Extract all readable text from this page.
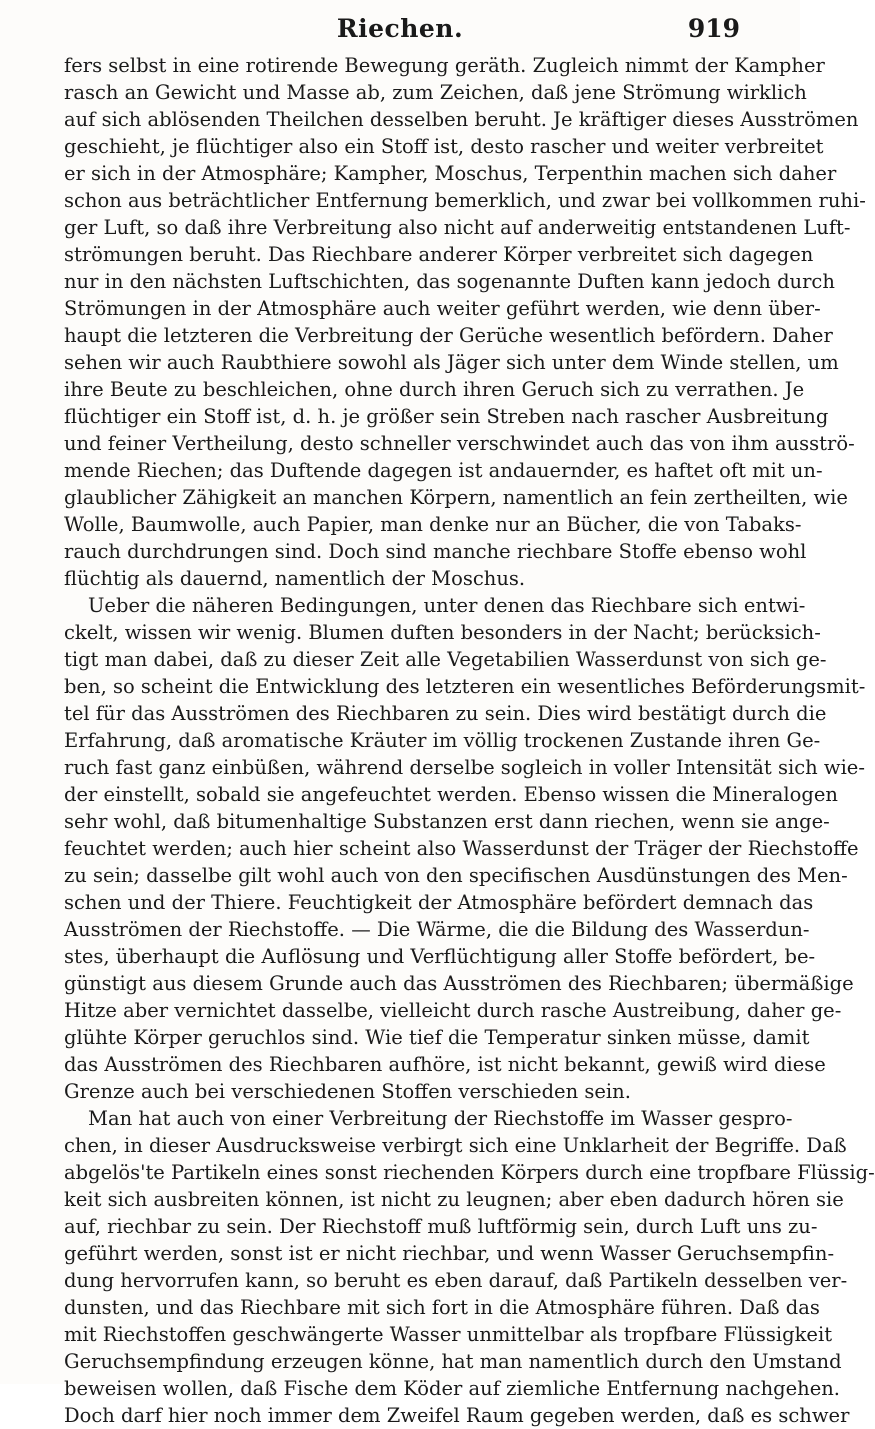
Riechen.	919
fers selbst in eine rotirende Bewegung geräth. Zugleich nimmt der Kampher
rasch an Gewicht und Masse ab, zum Zeichen, daß jene Strömung wirklich
auf sich ablösenden Theilchen desselben beruht. Je kräftiger dieses Ausströmen
geschieht, je flüchtiger also ein Stoff ist, desto rascher und weiter verbreitet
er sich in der Atmosphäre; Kampher, Moschus, Terpenthin machen sich daher
schon aus beträchtlicher Entfernung bemerklich, und zwar bei vollkommen ruhi-
ger Luft, so daß ihre Verbreitung also nicht auf anderweitig entstandenen Luft-
strömungen beruht. Das Riechbare anderer Körper verbreitet sich dagegen
nur in den nächsten Luftschichten, das sogenannte Duften kann jedoch durch
Strömungen in der Atmosphäre auch weiter geführt werden, wie denn über-
haupt die letzteren die Verbreitung der Gerüche wesentlich befördern. Daher
sehen wir auch Raubthiere sowohl als Jäger sich unter dem Winde stellen, um
ihre Beute zu beschleichen, ohne durch ihren Geruch sich zu verrathen. Je
flüchtiger ein Stoff ist, d. h. je größer sein Streben nach rascher Ausbreitung
und feiner Vertheilung, desto schneller verschwindet auch das von ihm ausströ-
mende Riechen; das Duftende dagegen ist andauernder, es haftet oft mit un-
glaublicher Zähigkeit an manchen Körpern, namentlich an fein zertheilten, wie
Wolle, Baumwolle, auch Papier, man denke nur an Bücher, die von Tabaks-
rauch durchdrungen sind. Doch sind manche riechbare Stoffe ebenso wohl
flüchtig als dauernd, namentlich der Moschus.
Ueber die näheren Bedingungen, unter denen das Riechbare sich entwi-
ckelt, wissen wir wenig. Blumen duften besonders in der Nacht; berücksich-
tigt man dabei, daß zu dieser Zeit alle Vegetabilien Wasserdunst von sich ge-
ben, so scheint die Entwicklung des letzteren ein wesentliches Beförderungsmit-
tel für das Ausströmen des Riechbaren zu sein. Dies wird bestätigt durch die
Erfahrung, daß aromatische Kräuter im völlig trockenen Zustande ihren Ge-
ruch fast ganz einbüßen, während derselbe sogleich in voller Intensität sich wie-
der einstellt, sobald sie angefeuchtet werden. Ebenso wissen die Mineralogen
sehr wohl, daß bitumenhaltige Substanzen erst dann riechen, wenn sie ange-
feuchtet werden; auch hier scheint also Wasserdunst der Träger der Riechstoffe
zu sein; dasselbe gilt wohl auch von den specifischen Ausdünstungen des Men-
schen und der Thiere. Feuchtigkeit der Atmosphäre befördert demnach das
Ausströmen der Riechstoffe. — Die Wärme, die die Bildung des Wasserdun-
stes, überhaupt die Auflösung und Verflüchtigung aller Stoffe befördert, be-
günstigt aus diesem Grunde auch das Ausströmen des Riechbaren; übermäßige
Hitze aber vernichtet dasselbe, vielleicht durch rasche Austreibung, daher ge-
glühte Körper geruchlos sind. Wie tief die Temperatur sinken müsse, damit
das Ausströmen des Riechbaren aufhöre, ist nicht bekannt, gewiß wird diese
Grenze auch bei verschiedenen Stoffen verschieden sein.
Man hat auch von einer Verbreitung der Riechstoffe im Wasser gespro-
chen, in dieser Ausdrucksweise verbirgt sich eine Unklarheit der Begriffe. Daß
abgelös'te Partikeln eines sonst riechenden Körpers durch eine tropfbare Flüssig-
keit sich ausbreiten können, ist nicht zu leugnen; aber eben dadurch hören sie
auf, riechbar zu sein. Der Riechstoff muß luftförmig sein, durch Luft uns zu-
geführt werden, sonst ist er nicht riechbar, und wenn Wasser Geruchsempfin-
dung hervorrufen kann, so beruht es eben darauf, daß Partikeln desselben ver-
dunsten, und das Riechbare mit sich fort in die Atmosphäre führen. Daß das
mit Riechstoffen geschwängerte Wasser unmittelbar als tropfbare Flüssigkeit
Geruchsempfindung erzeugen könne, hat man namentlich durch den Umstand
beweisen wollen, daß Fische dem Köder auf ziemliche Entfernung nachgehen.
Doch darf hier noch immer dem Zweifel Raum gegeben werden, daß es schwer
